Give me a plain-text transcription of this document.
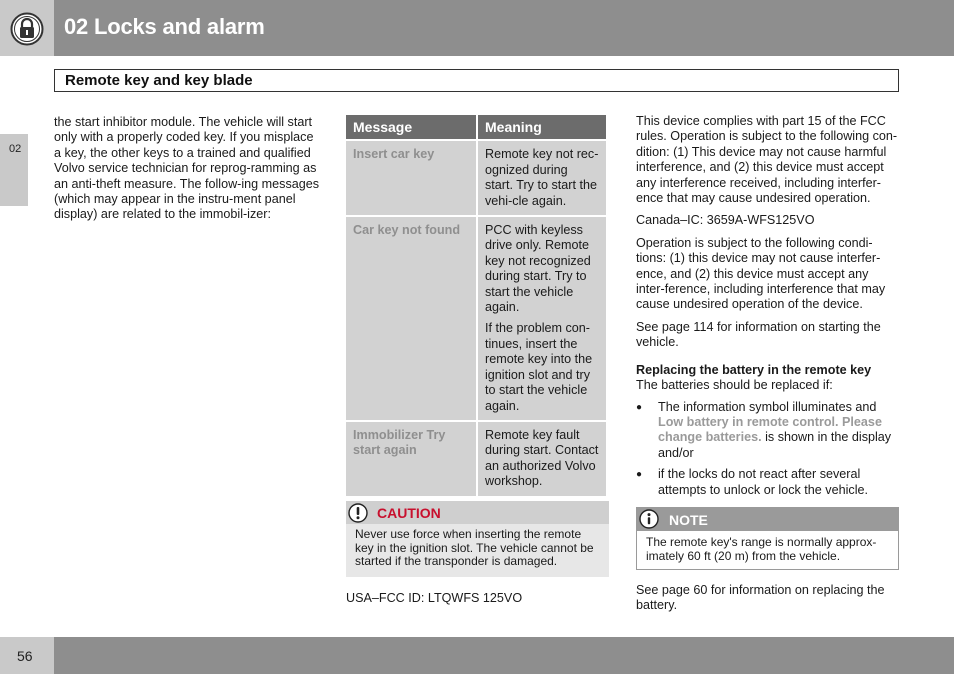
02 Locks and alarm
Remote key and key blade
02
the start inhibitor module. The vehicle will start only with a properly coded key. If you misplace a key, the other keys to a trained and qualified Volvo service technician for reprog-ramming as an anti-theft measure. The follow-ing messages (which may appear in the instru-ment panel display) are related to the immobil-izer:
Message	Meaning
Insert car key	Remote key not rec-ognized during start. Try to start the vehi-cle again.

Car key not found	PCC with keyless drive only. Remote key not recognized during start. Try to start the vehicle again.

If the problem con-tinues, insert the remote key into the ignition slot and try to start the vehicle again.

Immobilizer Try start again	Remote key fault during start. Contact an authorized Volvo workshop.

CAUTION
Never use force when inserting the remote key in the ignition slot. The vehicle cannot be started if the transponder is damaged.
USA–FCC ID: LTQWFS 125VO

This device complies with part 15 of the FCC rules. Operation is subject to the following con-dition: (1) This device may not cause harmful interference, and (2) this device must accept any interference received, including interfer-ence that may cause undesired operation.

Canada–IC: 3659A-WFS125VO

Operation is subject to the following condi-tions: (1) this device may not cause interfer-ence, and (2) this device must accept any inter-ference, including interference that may cause undesired operation of the device.

See page 114 for information on starting the vehicle.

Replacing the battery in the remote key

The batteries should be replaced if:

● The information symbol illuminates and Low battery in remote control. Please change batteries. is shown in the display and/or
● if the locks do not react after several attempts to unlock or lock the vehicle.
NOTE
The remote key's range is normally approx-imately 60 ft (20 m) from the vehicle.
See page 60 for information on replacing the battery.
56
